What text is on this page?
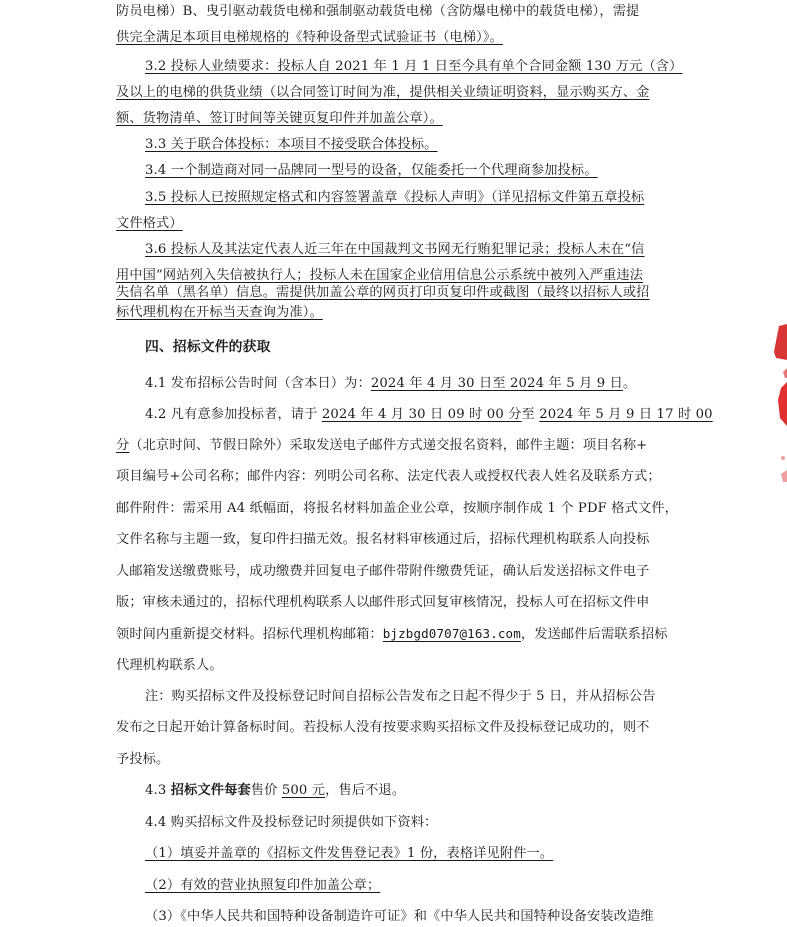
防员电梯）B、曳引驱动载货电梯和强制驱动载货电梯（含防爆电梯中的载货电梯），需提
供完全满足本项目电梯规格的《特种设备型式试验证书（电梯）》。
3.2 投标人业绩要求：投标人自 2021 年 1 月 1 日至今具有单个合同金额 130 万元（含）
及以上的电梯的供货业绩（以合同签订时间为准，提供相关业绩证明资料，显示购买方、金
额、货物清单、签订时间等关键页复印件并加盖公章）。
3.3 关于联合体投标：本项目不接受联合体投标。
3.4 一个制造商对同一品牌同一型号的设备，仅能委托一个代理商参加投标。
3.5 投标人已按照规定格式和内容签署盖章《投标人声明》（详见招标文件第五章投标
文件格式）
3.6 投标人及其法定代表人近三年在中国裁判文书网无行贿犯罪记录；投标人未在“信
用中国”网站列入失信被执行人；投标人未在国家企业信用信息公示系统中被列入严重违法
失信名单（黑名单）信息。需提供加盖公章的网页打印页复印件或截图（最终以招标人或招
标代理机构在开标当天查询为准）。
四、招标文件的获取
4.1 发布招标公告时间（含本日）为：2024 年 4 月 30 日至 2024 年 5 月 9 日。
4.2 凡有意参加投标者，请于 2024 年 4 月 30 日 09 时 00 分至 2024 年 5 月 9 日 17 时 00
分（北京时间、节假日除外）采取发送电子邮件方式递交报名资料，邮件主题：项目名称+
项目编号+公司名称；邮件内容：列明公司名称、法定代表人或授权代表人姓名及联系方式；
邮件附件：需采用 A4 纸幅面，将报名材料加盖企业公章，按顺序制作成 1 个 PDF 格式文件，
文件名称与主题一致，复印件扫描无效。报名材料审核通过后，招标代理机构联系人向投标
人邮箱发送缴费账号，成功缴费并回复电子邮件带附件缴费凭证，确认后发送招标文件电子
版；审核未通过的，招标代理机构联系人以邮件形式回复审核情况，投标人可在招标文件申
领时间内重新提交材料。招标代理机构邮箱：bjzbgd0707@163.com，发送邮件后需联系招标
代理机构联系人。
注：购买招标文件及投标登记时间自招标公告发布之日起不得少于 5 日，并从招标公告
发布之日起开始计算备标时间。若投标人没有按要求购买招标文件及投标登记成功的，则不
予投标。
4.3 招标文件每套售价 500 元，售后不退。
4.4 购买招标文件及投标登记时须提供如下资料：
（1）填妥并盖章的《招标文件发售登记表》1 份，表格详见附件一。
（2）有效的营业执照复印件加盖公章；
（3）《中华人民共和国特种设备制造许可证》和《中华人民共和国特种设备安装改造维
